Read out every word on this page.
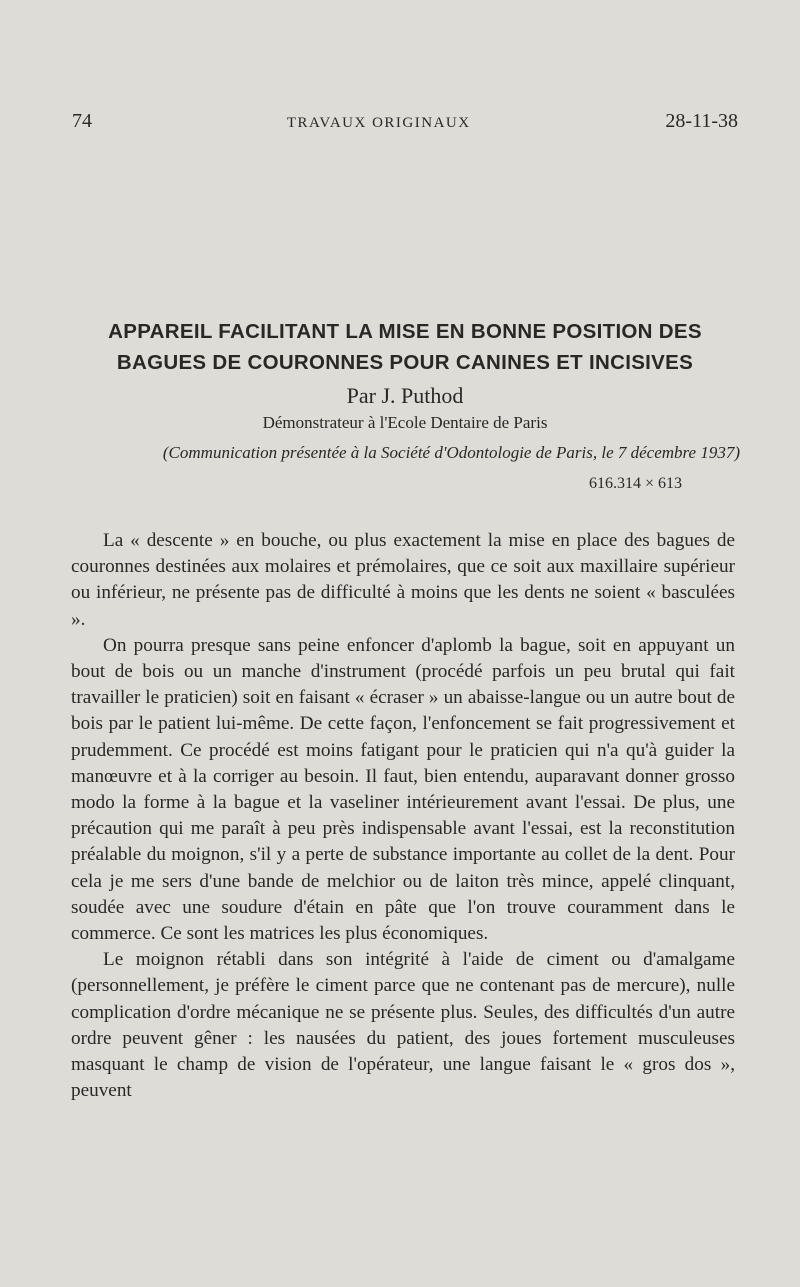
74	TRAVAUX ORIGINAUX	28-11-38
APPAREIL FACILITANT LA MISE EN BONNE POSITION DES
BAGUES DE COURONNES POUR CANINES ET INCISIVES
Par J. Puthod
Démonstrateur à l'Ecole Dentaire de Paris
(Communication présentée à la Société d'Odontologie de Paris, le 7 décembre 1937)
616.314 × 613

La « descente » en bouche, ou plus exactement la mise en place des bagues de couronnes destinées aux molaires et prémolaires, que ce soit aux maxillaire supérieur ou inférieur, ne présente pas de difficulté à moins que les dents ne soient « basculées ».

On pourra presque sans peine enfoncer d'aplomb la bague, soit en appuyant un bout de bois ou un manche d'instrument (procédé parfois un peu brutal qui fait travailler le praticien) soit en faisant « écraser » un abaisse-langue ou un autre bout de bois par le patient lui-même. De cette façon, l'enfoncement se fait progressivement et prudemment. Ce procédé est moins fatigant pour le praticien qui n'a qu'à guider la manœuvre et à la corriger au besoin. Il faut, bien entendu, auparavant donner grosso modo la forme à la bague et la vaseliner intérieurement avant l'essai. De plus, une précaution qui me paraît à peu près indispensable avant l'essai, est la reconstitution préalable du moignon, s'il y a perte de substance importante au collet de la dent. Pour cela je me sers d'une bande de melchior ou de laiton très mince, appelé clinquant, soudée avec une soudure d'étain en pâte que l'on trouve couramment dans le commerce. Ce sont les matrices les plus économiques.

Le moignon rétabli dans son intégrité à l'aide de ciment ou d'amalgame (personnellement, je préfère le ciment parce que ne contenant pas de mercure), nulle complication d'ordre mécanique ne se présente plus. Seules, des difficultés d'un autre ordre peuvent gêner : les nausées du patient, des joues fortement musculeuses masquant le champ de vision de l'opérateur, une langue faisant le « gros dos », peuvent
